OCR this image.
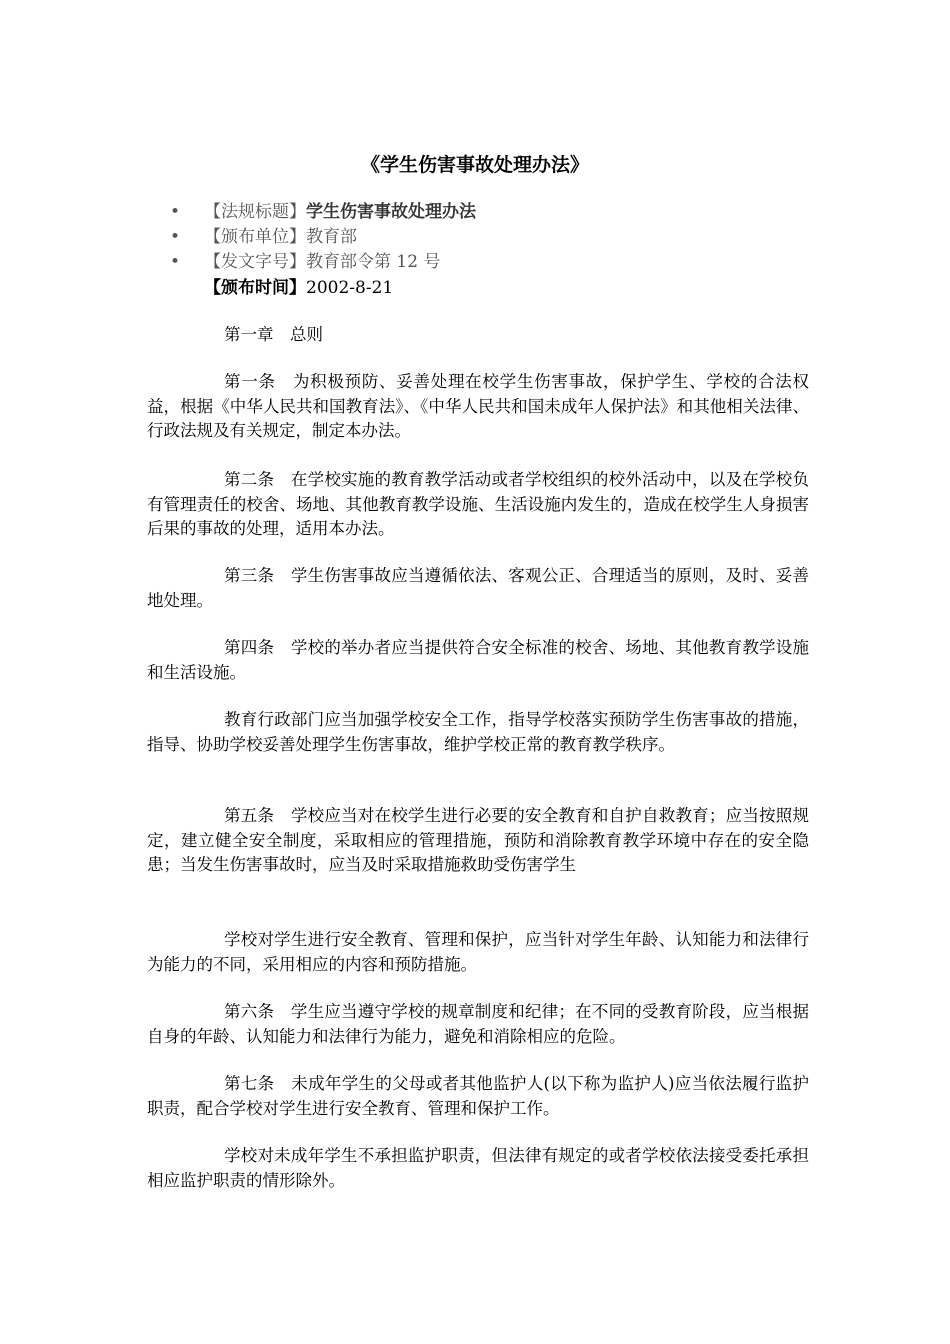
《学生伤害事故处理办法》
• 【法规标题】学生伤害事故处理办法
• 【颁布单位】教育部
• 【发文字号】教育部令第 12 号
【颁布时间】2002-8-21
第一章　总则

第一条　为积极预防、妥善处理在校学生伤害事故，保护学生、学校的合法权益，根据《中华人民共和国教育法》、《中华人民共和国未成年人保护法》和其他相关法律、行政法规及有关规定，制定本办法。

第二条　在学校实施的教育教学活动或者学校组织的校外活动中，以及在学校负有管理责任的校舍、场地、其他教育教学设施、生活设施内发生的，造成在校学生人身损害后果的事故的处理，适用本办法。

第三条　学生伤害事故应当遵循依法、客观公正、合理适当的原则，及时、妥善地处理。

第四条　学校的举办者应当提供符合安全标准的校舍、场地、其他教育教学设施和生活设施。

教育行政部门应当加强学校安全工作，指导学校落实预防学生伤害事故的措施，指导、协助学校妥善处理学生伤害事故，维护学校正常的教育教学秩序。

第五条　学校应当对在校学生进行必要的安全教育和自护自救教育；应当按照规定，建立健全安全制度，采取相应的管理措施，预防和消除教育教学环境中存在的安全隐患；当发生伤害事故时，应当及时采取措施救助受伤害学生

学校对学生进行安全教育、管理和保护，应当针对学生年龄、认知能力和法律行为能力的不同，采用相应的内容和预防措施。

第六条　学生应当遵守学校的规章制度和纪律；在不同的受教育阶段，应当根据自身的年龄、认知能力和法律行为能力，避免和消除相应的危险。

第七条　未成年学生的父母或者其他监护人(以下称为监护人)应当依法履行监护职责，配合学校对学生进行安全教育、管理和保护工作。

学校对未成年学生不承担监护职责，但法律有规定的或者学校依法接受委托承担相应监护职责的情形除外。
